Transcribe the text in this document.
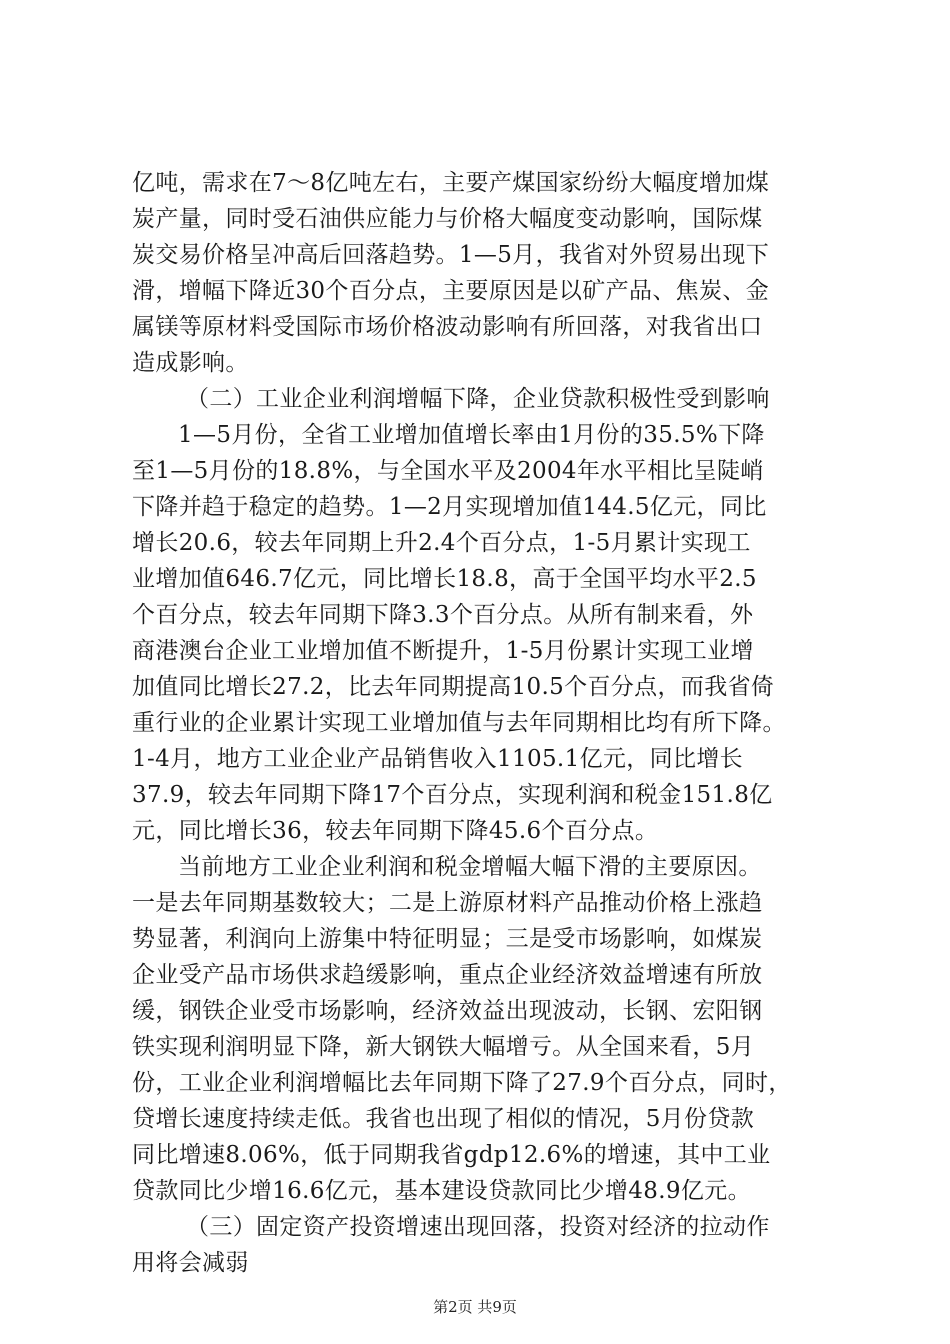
亿吨，需求在7～8亿吨左右，主要产煤国家纷纷大幅度增加煤
炭产量，同时受石油供应能力与价格大幅度变动影响，国际煤
炭交易价格呈冲高后回落趋势。1—5月，我省对外贸易出现下
滑，增幅下降近30个百分点，主要原因是以矿产品、焦炭、金
属镁等原材料受国际市场价格波动影响有所回落，对我省出口
造成影响。
（二）工业企业利润增幅下降，企业贷款积极性受到影响
1—5月份，全省工业增加值增长率由1月份的35.5%下降
至1—5月份的18.8%，与全国水平及2004年水平相比呈陡峭
下降并趋于稳定的趋势。1—2月实现增加值144.5亿元，同比
增长20.6，较去年同期上升2.4个百分点，1-5月累计实现工
业增加值646.7亿元，同比增长18.8，高于全国平均水平2.5
个百分点，较去年同期下降3.3个百分点。从所有制来看，外
商港澳台企业工业增加值不断提升，1-5月份累计实现工业增
加值同比增长27.2，比去年同期提高10.5个百分点，而我省倚
重行业的企业累计实现工业增加值与去年同期相比均有所下降。
1-4月，地方工业企业产品销售收入1105.1亿元，同比增长
37.9，较去年同期下降17个百分点，实现利润和税金151.8亿
元，同比增长36，较去年同期下降45.6个百分点。
当前地方工业企业利润和税金增幅大幅下滑的主要原因。
一是去年同期基数较大；二是上游原材料产品推动价格上涨趋
势显著，利润向上游集中特征明显；三是受市场影响，如煤炭
企业受产品市场供求趋缓影响，重点企业经济效益增速有所放
缓，钢铁企业受市场影响，经济效益出现波动，长钢、宏阳钢
铁实现利润明显下降，新大钢铁大幅增亏。从全国来看，5月
份，工业企业利润增幅比去年同期下降了27.9个百分点，同时，
贷增长速度持续走低。我省也出现了相似的情况，5月份贷款
同比增速8.06%，低于同期我省gdp12.6%的增速，其中工业
贷款同比少增16.6亿元，基本建设贷款同比少增48.9亿元。
（三）固定资产投资增速出现回落，投资对经济的拉动作
用将会减弱
第2页 共9页
